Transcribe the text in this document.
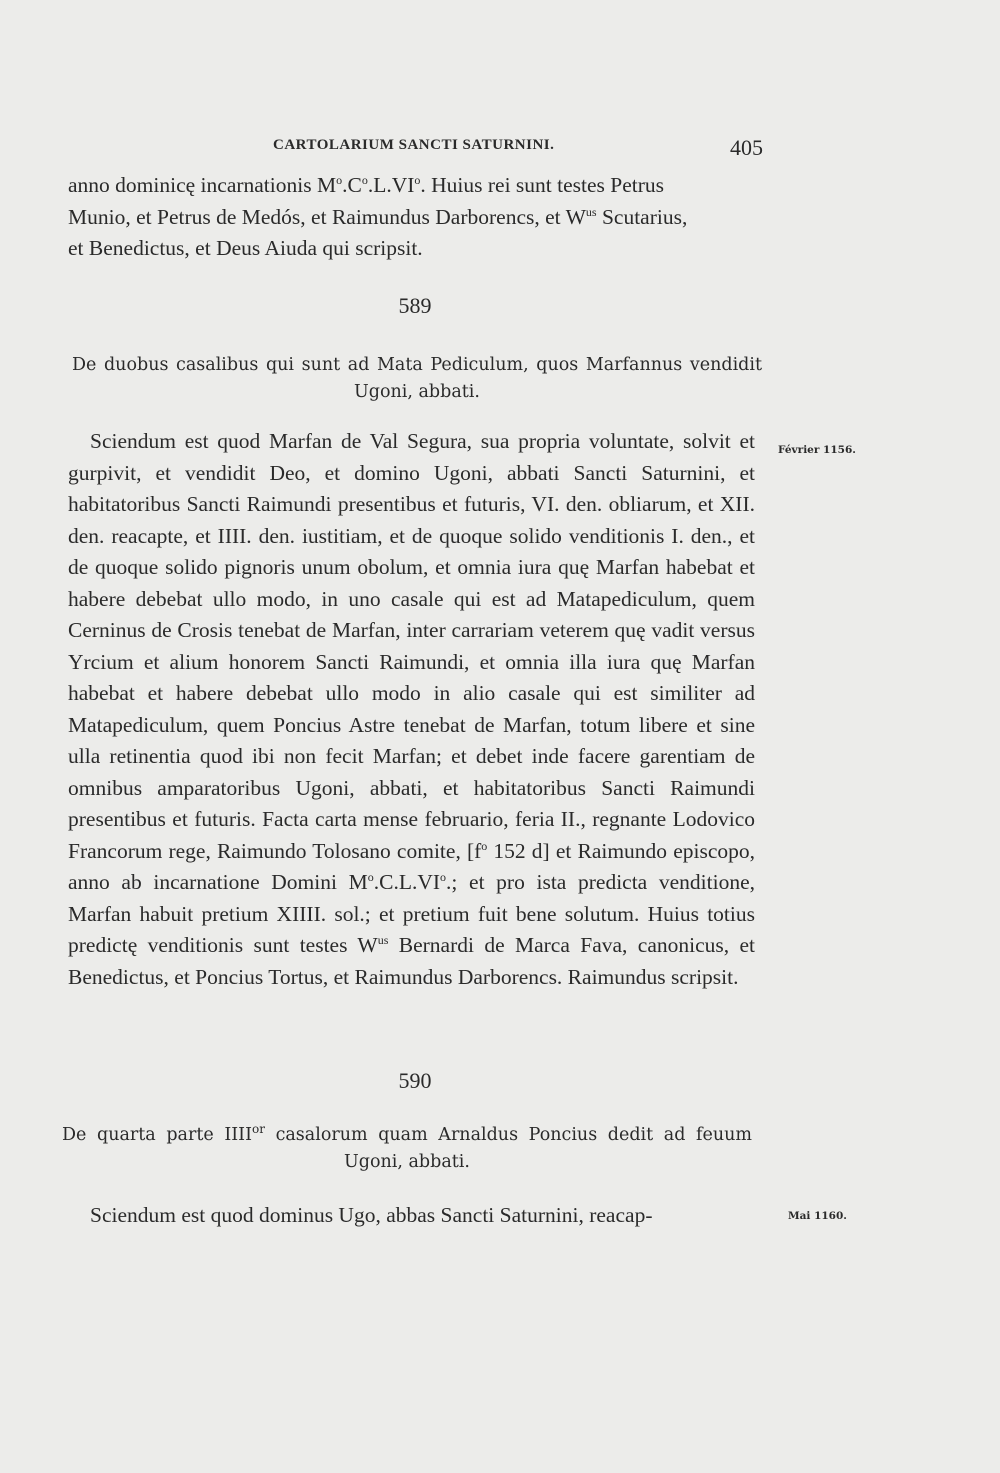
CARTOLARIUM SANCTI SATURNINI.	405

anno dominicę incarnationis $M^o.C^o.L.VI^o$. Huius rei sunt testes Petrus
Munio, et Petrus de Medós, et Raimundus Darborencs, et $W^{us}$ Scutarius,
et Benedictus, et Deus Aiuda qui scripsit.

589
De duobus casalibus qui sunt ad Mata Pediculum, quos Marfannus vendidit Ugoni, abbati.
Février 1156.

Sciendum est quod Marfan de Val Segura, sua propria voluntate, solvit et gurpivit, et vendidit Deo, et domino Ugoni, abbati Sancti Saturnini, et habitatoribus Sancti Raimundi presentibus et futuris, VI. den. obliarum, et XII. den. reacapte, et IIII. den. iustitiam, et de quoque solido venditionis I. den., et de quoque solido pignoris unum obolum, et omnia iura quę Marfan habebat et habere debebat ullo modo, in uno casale qui est ad Matapediculum, quem Cerninus de Crosis tenebat de Marfan, inter carrariam veterem quę vadit versus Yrcium et alium honorem Sancti Raimundi, et omnia illa iura quę Marfan habebat et habere debebat ullo modo in alio casale qui est similiter ad Matapediculum, quem Poncius Astre tenebat de Marfan, totum libere et sine ulla retinentia quod ibi non fecit Marfan; et debet inde facere garentiam de omnibus amparatoribus Ugoni, abbati, et habitatoribus Sancti Raimundi presentibus et futuris. Facta carta mense februario, feria II., regnante Lodovico Francorum rege, Raimundo Tolosano comite, [$f^o$ 152 d] et Raimundo episcopo, anno ab incarnatione Domini $M^o.C.L.VI^o$.; et pro ista predicta venditione, Marfan habuit pretium XIIII. sol.; et pretium fuit bene solutum. Huius totius predictę venditionis sunt testes $W^{us}$ Bernardi de Marca Fava, canonicus, et Benedictus, et Poncius Tortus, et Raimundus Darborencs. Raimundus scripsit.

590
De quarta parte $IIII^{or}$ casalorum quam Arnaldus Poncius dedit ad feuum Ugoni, abbati.
Mai 1160.

Sciendum est quod dominus Ugo, abbas Sancti Saturnini, reacap-
